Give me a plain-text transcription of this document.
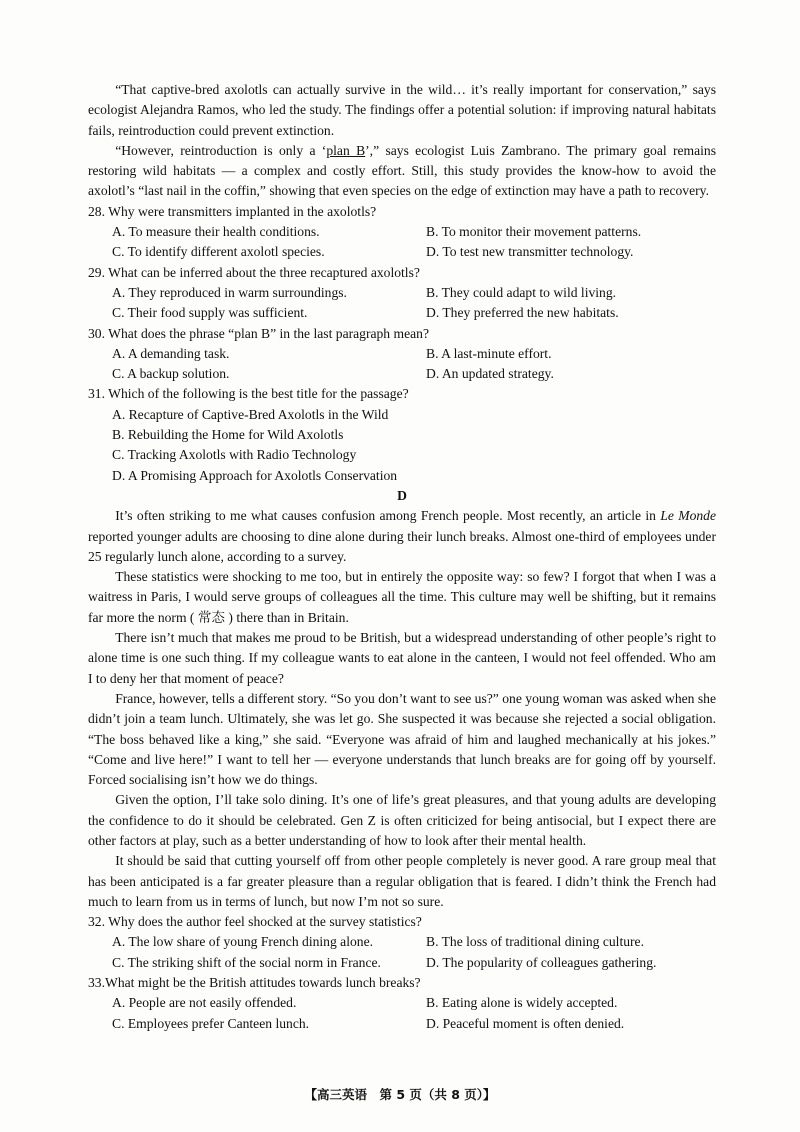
“That captive-bred axolotls can actually survive in the wild… it’s really important for conservation,” says ecologist Alejandra Ramos, who led the study. The findings offer a potential solution: if improving natural habitats fails, reintroduction could prevent extinction.

“However, reintroduction is only a ‘plan B’,” says ecologist Luis Zambrano. The primary goal remains restoring wild habitats — a complex and costly effort. Still, this study provides the know-how to avoid the axolotl’s “last nail in the coffin,” showing that even species on the edge of extinction may have a path to recovery.

28. Why were transmitters implanted in the axolotls?
A. To measure their health conditions.	B. To monitor their movement patterns.
C. To identify different axolotl species.	D. To test new transmitter technology.
29. What can be inferred about the three recaptured axolotls?
A. They reproduced in warm surroundings.	B. They could adapt to wild living.
C. Their food supply was sufficient.	D. They preferred the new habitats.
30. What does the phrase “plan B” in the last paragraph mean?
A. A demanding task.	B. A last-minute effort.
C. A backup solution.	D. An updated strategy.
31. Which of the following is the best title for the passage?
A. Recapture of Captive-Bred Axolotls in the Wild
B. Rebuilding the Home for Wild Axolotls
C. Tracking Axolotls with Radio Technology
D. A Promising Approach for Axolotls Conservation
D

It’s often striking to me what causes confusion among French people. Most recently, an article in Le Monde reported younger adults are choosing to dine alone during their lunch breaks. Almost one-third of employees under 25 regularly lunch alone, according to a survey.

These statistics were shocking to me too, but in entirely the opposite way: so few? I forgot that when I was a waitress in Paris, I would serve groups of colleagues all the time. This culture may well be shifting, but it remains far more the norm ( 常态 ) there than in Britain.

There isn’t much that makes me proud to be British, but a widespread understanding of other people’s right to alone time is one such thing. If my colleague wants to eat alone in the canteen, I would not feel offended. Who am I to deny her that moment of peace?

France, however, tells a different story. “So you don’t want to see us?” one young woman was asked when she didn’t join a team lunch. Ultimately, she was let go. She suspected it was because she rejected a social obligation. “The boss behaved like a king,” she said. “Everyone was afraid of him and laughed mechanically at his jokes.” “Come and live here!” I want to tell her — everyone understands that lunch breaks are for going off by yourself. Forced socialising isn’t how we do things.

Given the option, I’ll take solo dining. It’s one of life’s great pleasures, and that young adults are developing the confidence to do it should be celebrated. Gen Z is often criticized for being antisocial, but I expect there are other factors at play, such as a better understanding of how to look after their mental health.

It should be said that cutting yourself off from other people completely is never good. A rare group meal that has been anticipated is a far greater pleasure than a regular obligation that is feared. I didn’t think the French had much to learn from us in terms of lunch, but now I’m not so sure.

32. Why does the author feel shocked at the survey statistics?
A. The low share of young French dining alone.	B. The loss of traditional dining culture.
C. The striking shift of the social norm in France.	D. The popularity of colleagues gathering.
33.What might be the British attitudes towards lunch breaks?
A. People are not easily offended.	B. Eating alone is widely accepted.
C. Employees prefer Canteen lunch.	D. Peaceful moment is often denied.
【高三英语　第 5 页（共 8 页）】
